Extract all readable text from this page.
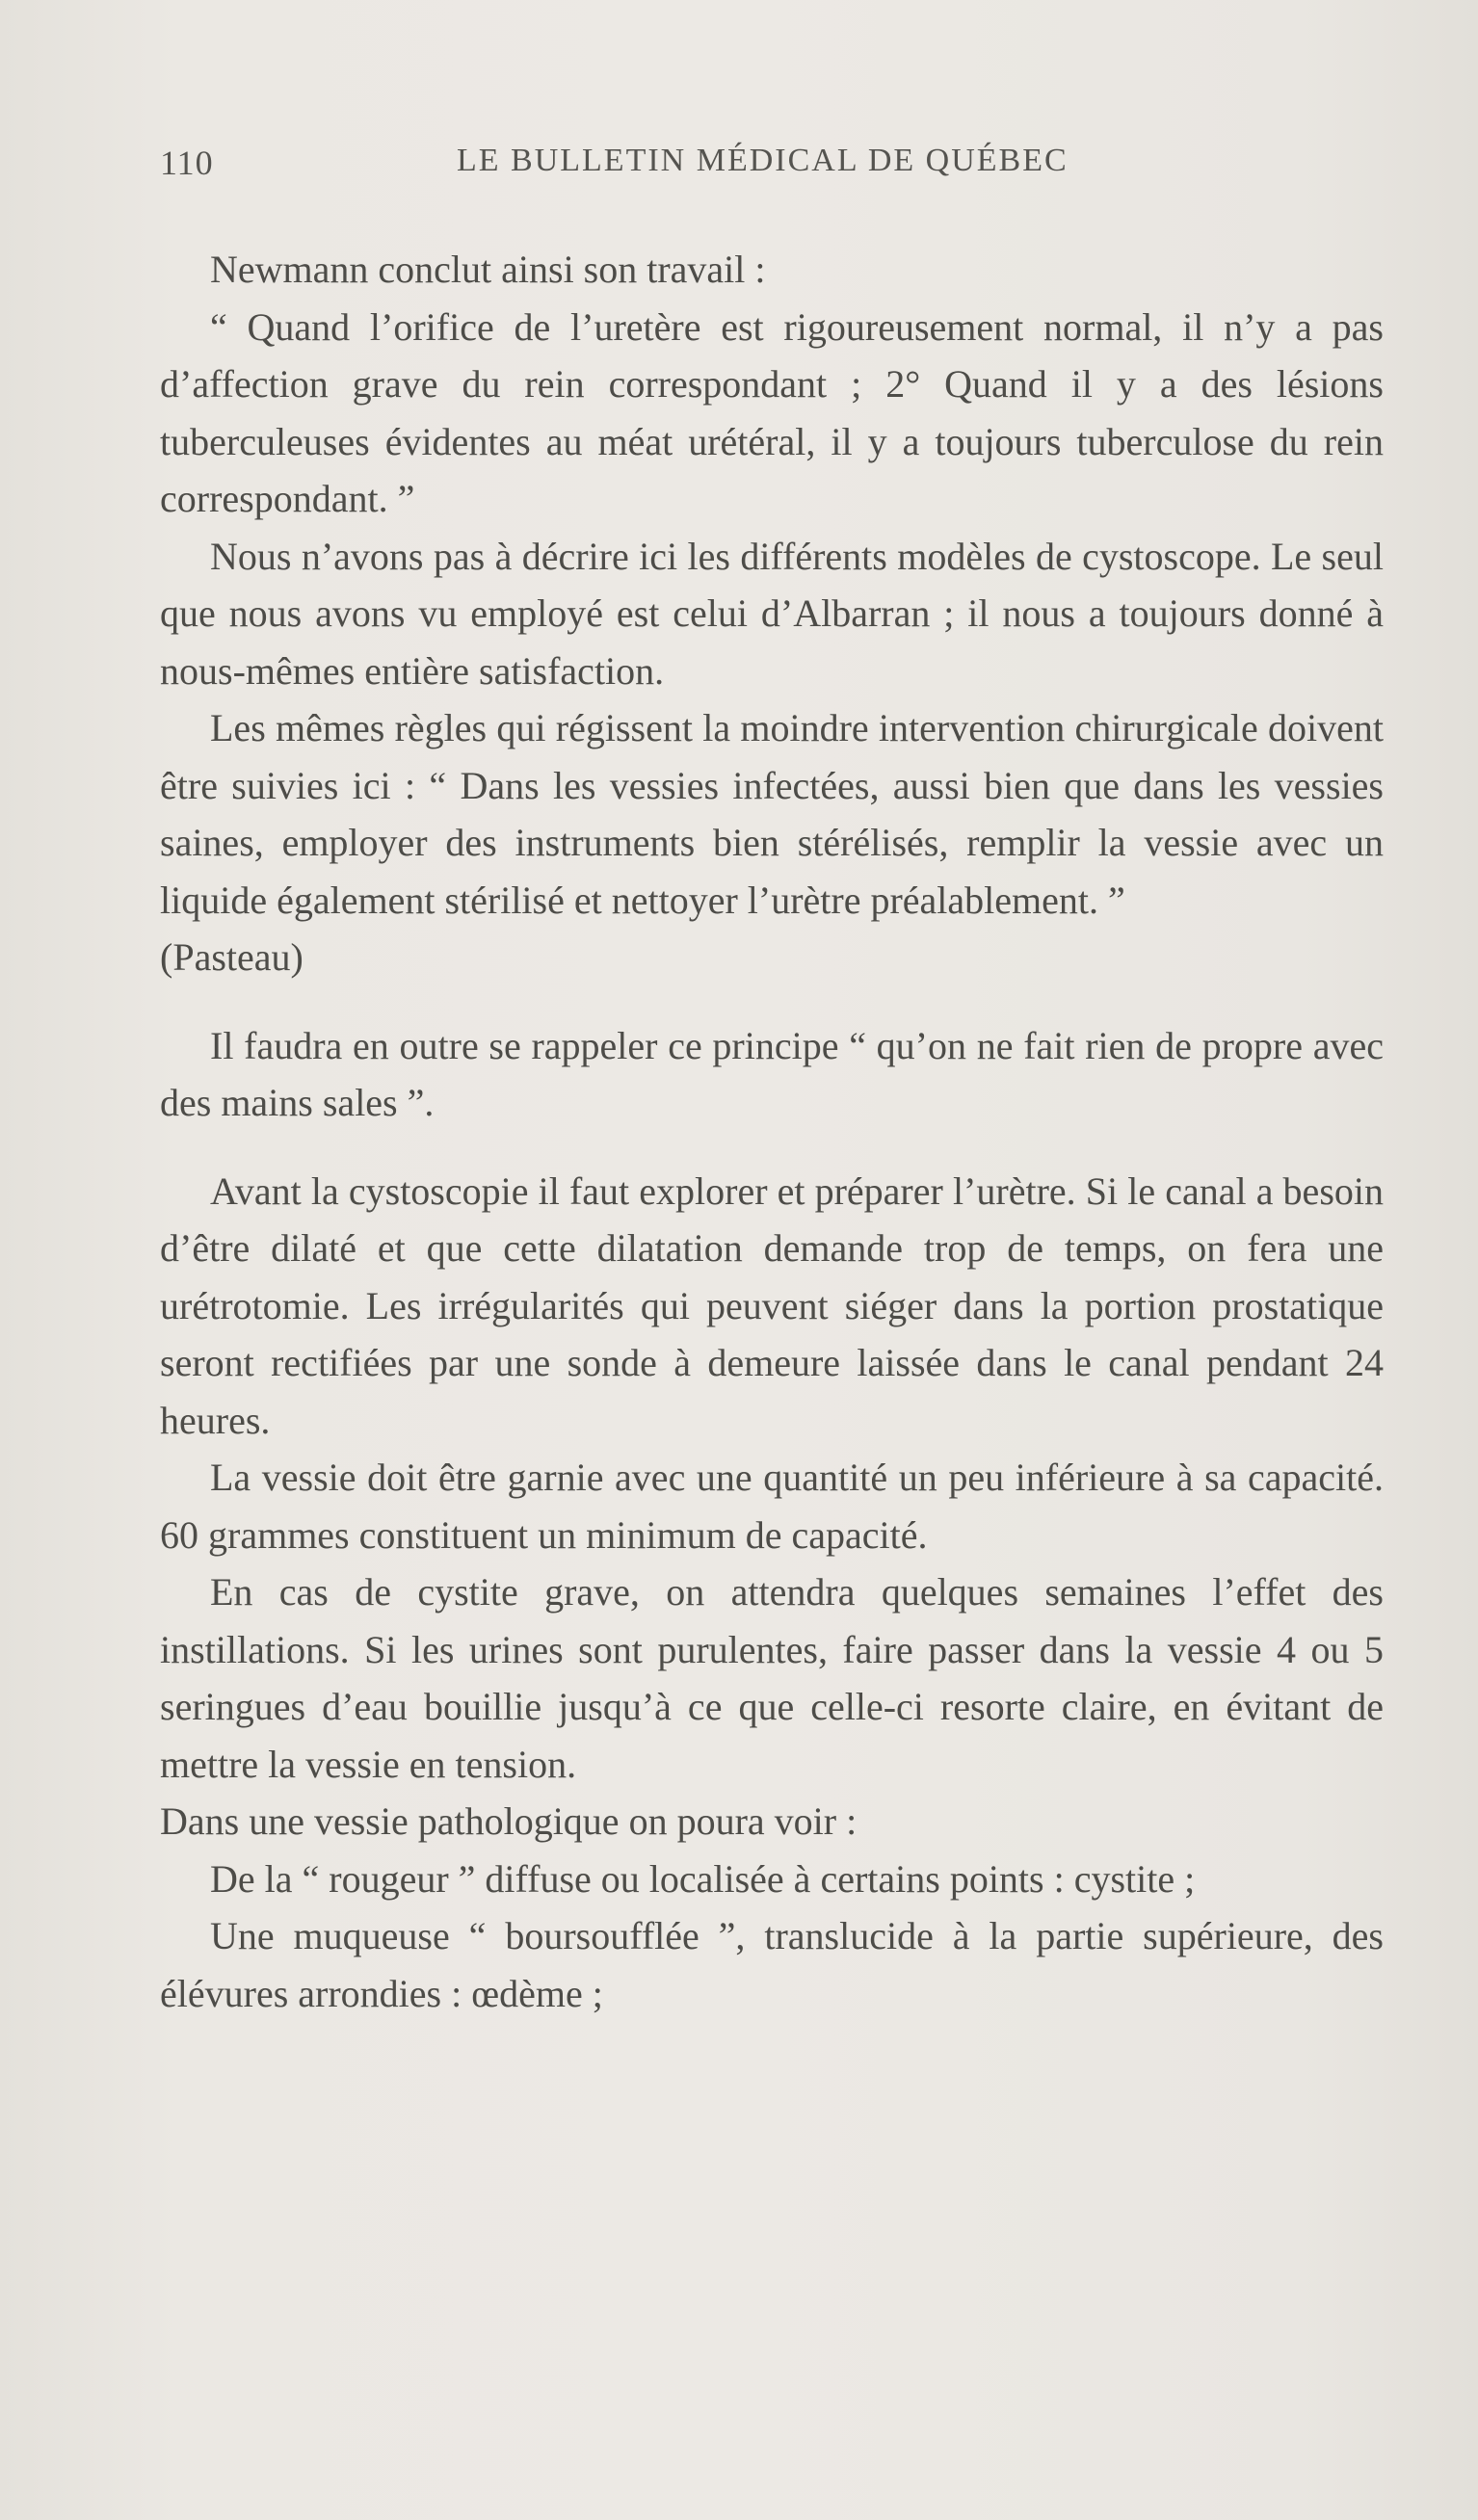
110	LE BULLETIN MÉDICAL DE QUÉBEC

Newmann conclut ainsi son travail :

“ Quand l’orifice de l’uretère est rigoureusement normal, il n’y a pas d’affection grave du rein correspondant ; 2° Quand il y a des lésions tuberculeuses évidentes au méat urétéral, il y a toujours tuberculose du rein correspondant. ”

Nous n’avons pas à décrire ici les différents modèles de cystoscope. Le seul que nous avons vu employé est celui d’Albarran ; il nous a toujours donné à nous-mêmes entière satisfaction.

Les mêmes règles qui régissent la moindre intervention chirurgicale doivent être suivies ici : “ Dans les vessies infectées, aussi bien que dans les vessies saines, employer des instruments bien stérélisés, remplir la vessie avec un liquide également stérilisé et nettoyer l’urètre préalablement. ”

(Pasteau)

Il faudra en outre se rappeler ce principe “ qu’on ne fait rien de propre avec des mains sales ”.

Avant la cystoscopie il faut explorer et préparer l’urètre. Si le canal a besoin d’être dilaté et que cette dilatation demande trop de temps, on fera une urétrotomie. Les irrégularités qui peuvent siéger dans la portion prostatique seront rectifiées par une sonde à demeure laissée dans le canal pendant 24 heures.

La vessie doit être garnie avec une quantité un peu inférieure à sa capacité. 60 grammes constituent un minimum de capacité.

En cas de cystite grave, on attendra quelques semaines l’effet des instillations. Si les urines sont purulentes, faire passer dans la vessie 4 ou 5 seringues d’eau bouillie jusqu’à ce que celle-ci resorte claire, en évitant de mettre la vessie en tension.

Dans une vessie pathologique on poura voir :

De la “ rougeur ” diffuse ou localisée à certains points : cystite ;

Une muqueuse “ boursoufflée ”, translucide à la partie supérieure, des élévures arrondies : œdème ;
